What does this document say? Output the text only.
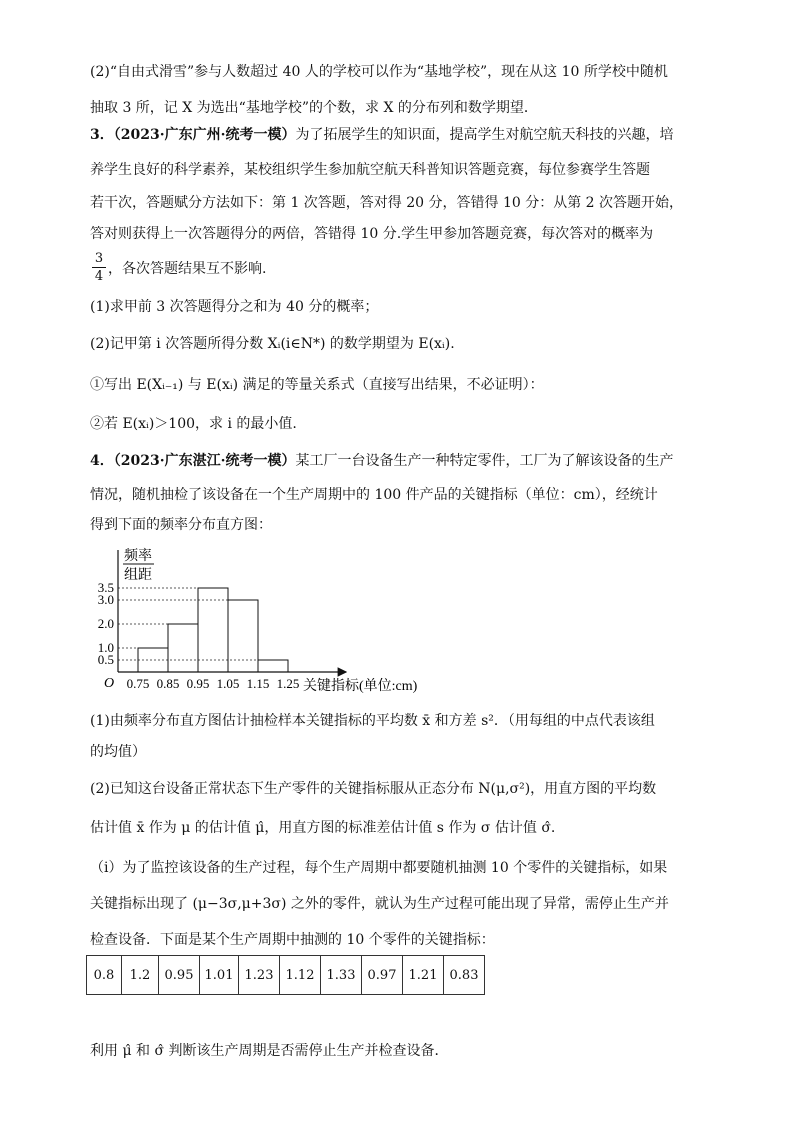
(2)“自由式滑雪”参与人数超过 40 人的学校可以作为“基地学校”，现在从这 10 所学校中随机
抽取 3 所，记 X 为选出“基地学校”的个数，求 X 的分布列和数学期望．
3．（2023·广东广州·统考一模）为了拓展学生的知识面，提高学生对航空航天科技的兴趣，培
养学生良好的科学素养，某校组织学生参加航空航天科普知识答题竞赛，每位参赛学生答题
若干次，答题赋分方法如下：第 1 次答题，答对得 20 分，答错得 10 分：从第 2 次答题开始，
答对则获得上一次答题得分的两倍，答错得 10 分.学生甲参加答题竞赛，每次答对的概率为
3
4 ，各次答题结果互不影响.
(1)求甲前 3 次答题得分之和为 40 分的概率；
(2)记甲第 i 次答题所得分数 Xᵢ(i∈N*) 的数学期望为 E(xᵢ).
①写出 E(Xᵢ₋₁) 与 E(xᵢ) 满足的等量关系式（直接写出结果，不必证明）：
②若 E(xᵢ)＞100，求 i 的最小值.
4．（2023·广东湛江·统考一模）某工厂一台设备生产一种特定零件，工厂为了解该设备的生产
情况，随机抽检了该设备在一个生产周期中的 100 件产品的关键指标（单位：cm），经统计
得到下面的频率分布直方图：
频率
组距
O	关键指标(单位:cm)
0.75 0.85 0.95 1.05 1.15 1.25
0.5
1.0
2.0
3.0
3.5
(1)由频率分布直方图估计抽检样本关键指标的平均数 x̄ 和方差 s²．（用每组的中点代表该组
的均值）
(2)已知这台设备正常状态下生产零件的关键指标服从正态分布 N(μ,σ²)，用直方图的平均数
估计值 x̄ 作为 μ 的估计值 μ̂，用直方图的标准差估计值 s 作为 σ 估计值 σ̂.
（i）为了监控该设备的生产过程，每个生产周期中都要随机抽测 10 个零件的关键指标，如果
关键指标出现了 (μ−3σ,μ+3σ) 之外的零件，就认为生产过程可能出现了异常，需停止生产并
检查设备．下面是某个生产周期中抽测的 10 个零件的关键指标：
0.8	1.2	0.95	1.01	1.23	1.12	1.33	0.97	1.21	0.83
利用 μ̂ 和 σ̂ 判断该生产周期是否需停止生产并检查设备．
